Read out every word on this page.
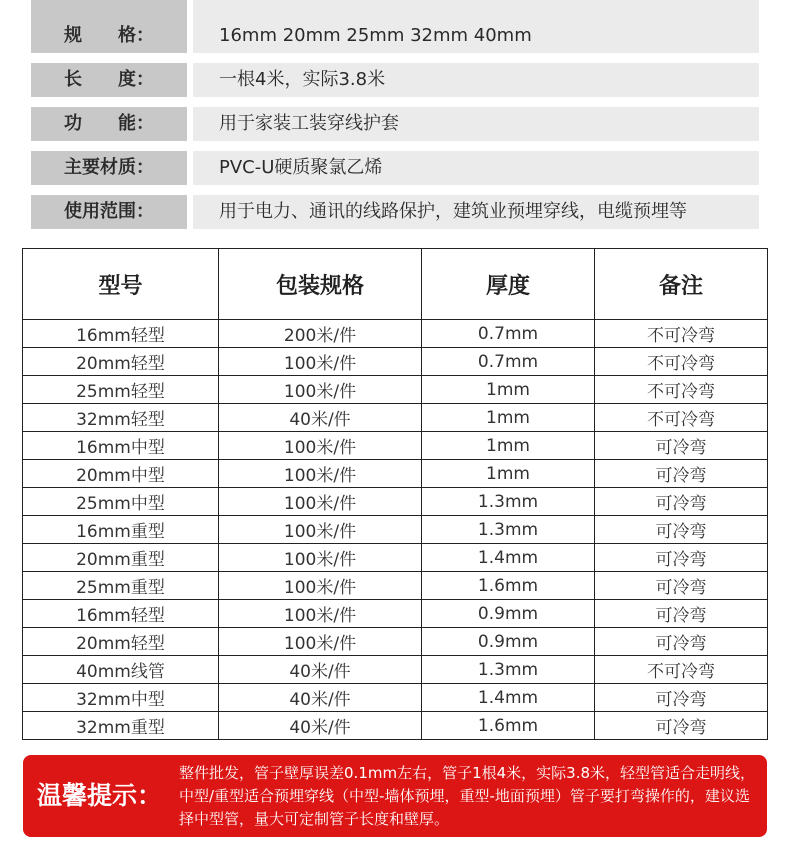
规　　格：	16mm 20mm 25mm 32mm 40mm
长　　度：	一根4米，实际3.8米
功　　能：	用于家装工装穿线护套
主要材质：	PVC-U硬质聚氯乙烯
使用范围：	用于电力、通讯的线路保护，建筑业预埋穿线，电缆预埋等
型号	包装规格	厚度	备注
16mm轻型	200米/件	0.7mm	不可冷弯
20mm轻型	100米/件	0.7mm	不可冷弯
25mm轻型	100米/件	1mm	不可冷弯
32mm轻型	40米/件	1mm	不可冷弯
16mm中型	100米/件	1mm	可冷弯
20mm中型	100米/件	1mm	可冷弯
25mm中型	100米/件	1.3mm	可冷弯
16mm重型	100米/件	1.3mm	可冷弯
20mm重型	100米/件	1.4mm	可冷弯
25mm重型	100米/件	1.6mm	可冷弯
16mm轻型	100米/件	0.9mm	可冷弯
20mm轻型	100米/件	0.9mm	可冷弯
40mm线管	40米/件	1.3mm	不可冷弯
32mm中型	40米/件	1.4mm	可冷弯
32mm重型	40米/件	1.6mm	可冷弯
温馨提示：
整件批发，管子壁厚误差0.1mm左右，管子1根4米，实际3.8米，轻型管适合走明线，中型/重型适合预埋穿线（中型-墙体预埋，重型-地面预埋）管子要打弯操作的，建议选择中型管，量大可定制管子长度和壁厚。
